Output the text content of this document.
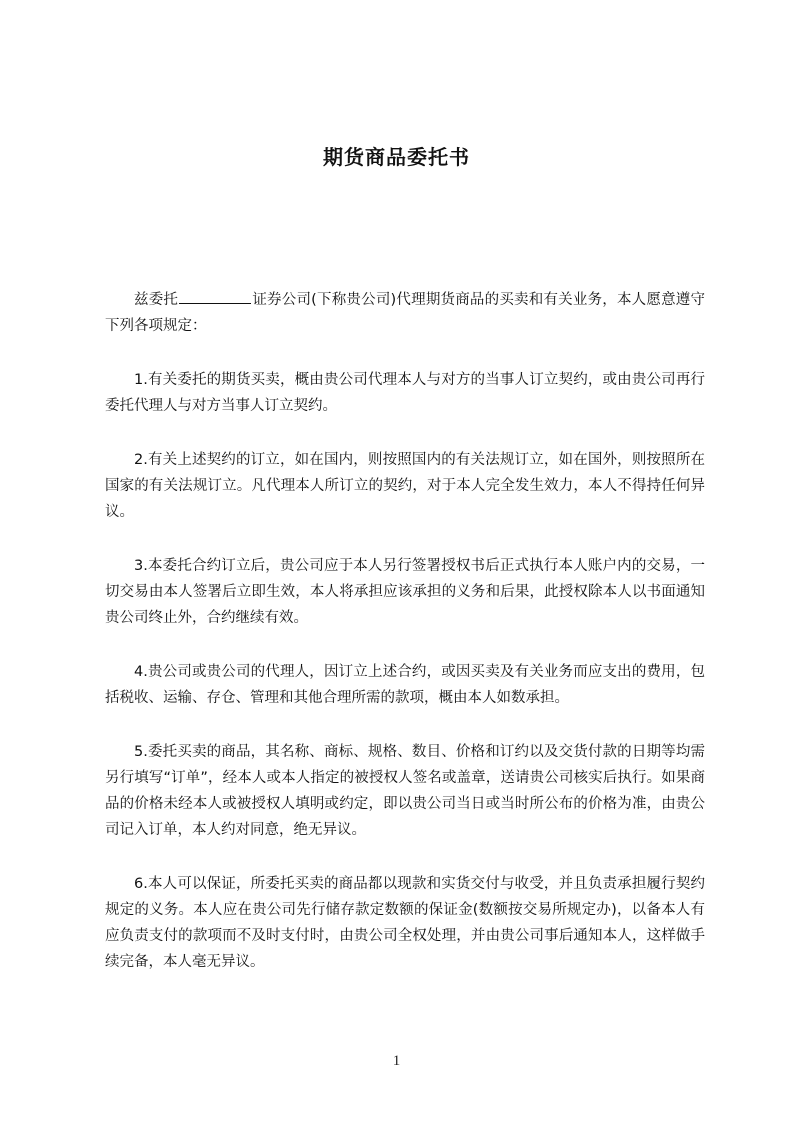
期货商品委托书

兹委托	证券公司(下称贵公司)代理期货商品的买卖和有关业务，本人愿意遵守下列各项规定：

1.有关委托的期货买卖，概由贵公司代理本人与对方的当事人订立契约，或由贵公司再行委托代理人与对方当事人订立契约。

2.有关上述契约的订立，如在国内，则按照国内的有关法规订立，如在国外，则按照所在国家的有关法规订立。凡代理本人所订立的契约，对于本人完全发生效力，本人不得持任何异议。

3.本委托合约订立后，贵公司应于本人另行签署授权书后正式执行本人账户内的交易，一切交易由本人签署后立即生效，本人将承担应该承担的义务和后果，此授权除本人以书面通知贵公司终止外，合约继续有效。

4.贵公司或贵公司的代理人，因订立上述合约，或因买卖及有关业务而应支出的费用，包括税收、运输、存仓、管理和其他合理所需的款项，概由本人如数承担。

5.委托买卖的商品，其名称、商标、规格、数目、价格和订约以及交货付款的日期等均需另行填写“订单”，经本人或本人指定的被授权人签名或盖章，送请贵公司核实后执行。如果商品的价格未经本人或被授权人填明或约定，即以贵公司当日或当时所公布的价格为准，由贵公司记入订单，本人约对同意，绝无异议。

6.本人可以保证，所委托买卖的商品都以现款和实货交付与收受，并且负责承担履行契约规定的义务。本人应在贵公司先行储存款定数额的保证金(数额按交易所规定办)，以备本人有应负责支付的款项而不及时支付时，由贵公司全权处理，并由贵公司事后通知本人，这样做手续完备，本人毫无异议。

1
